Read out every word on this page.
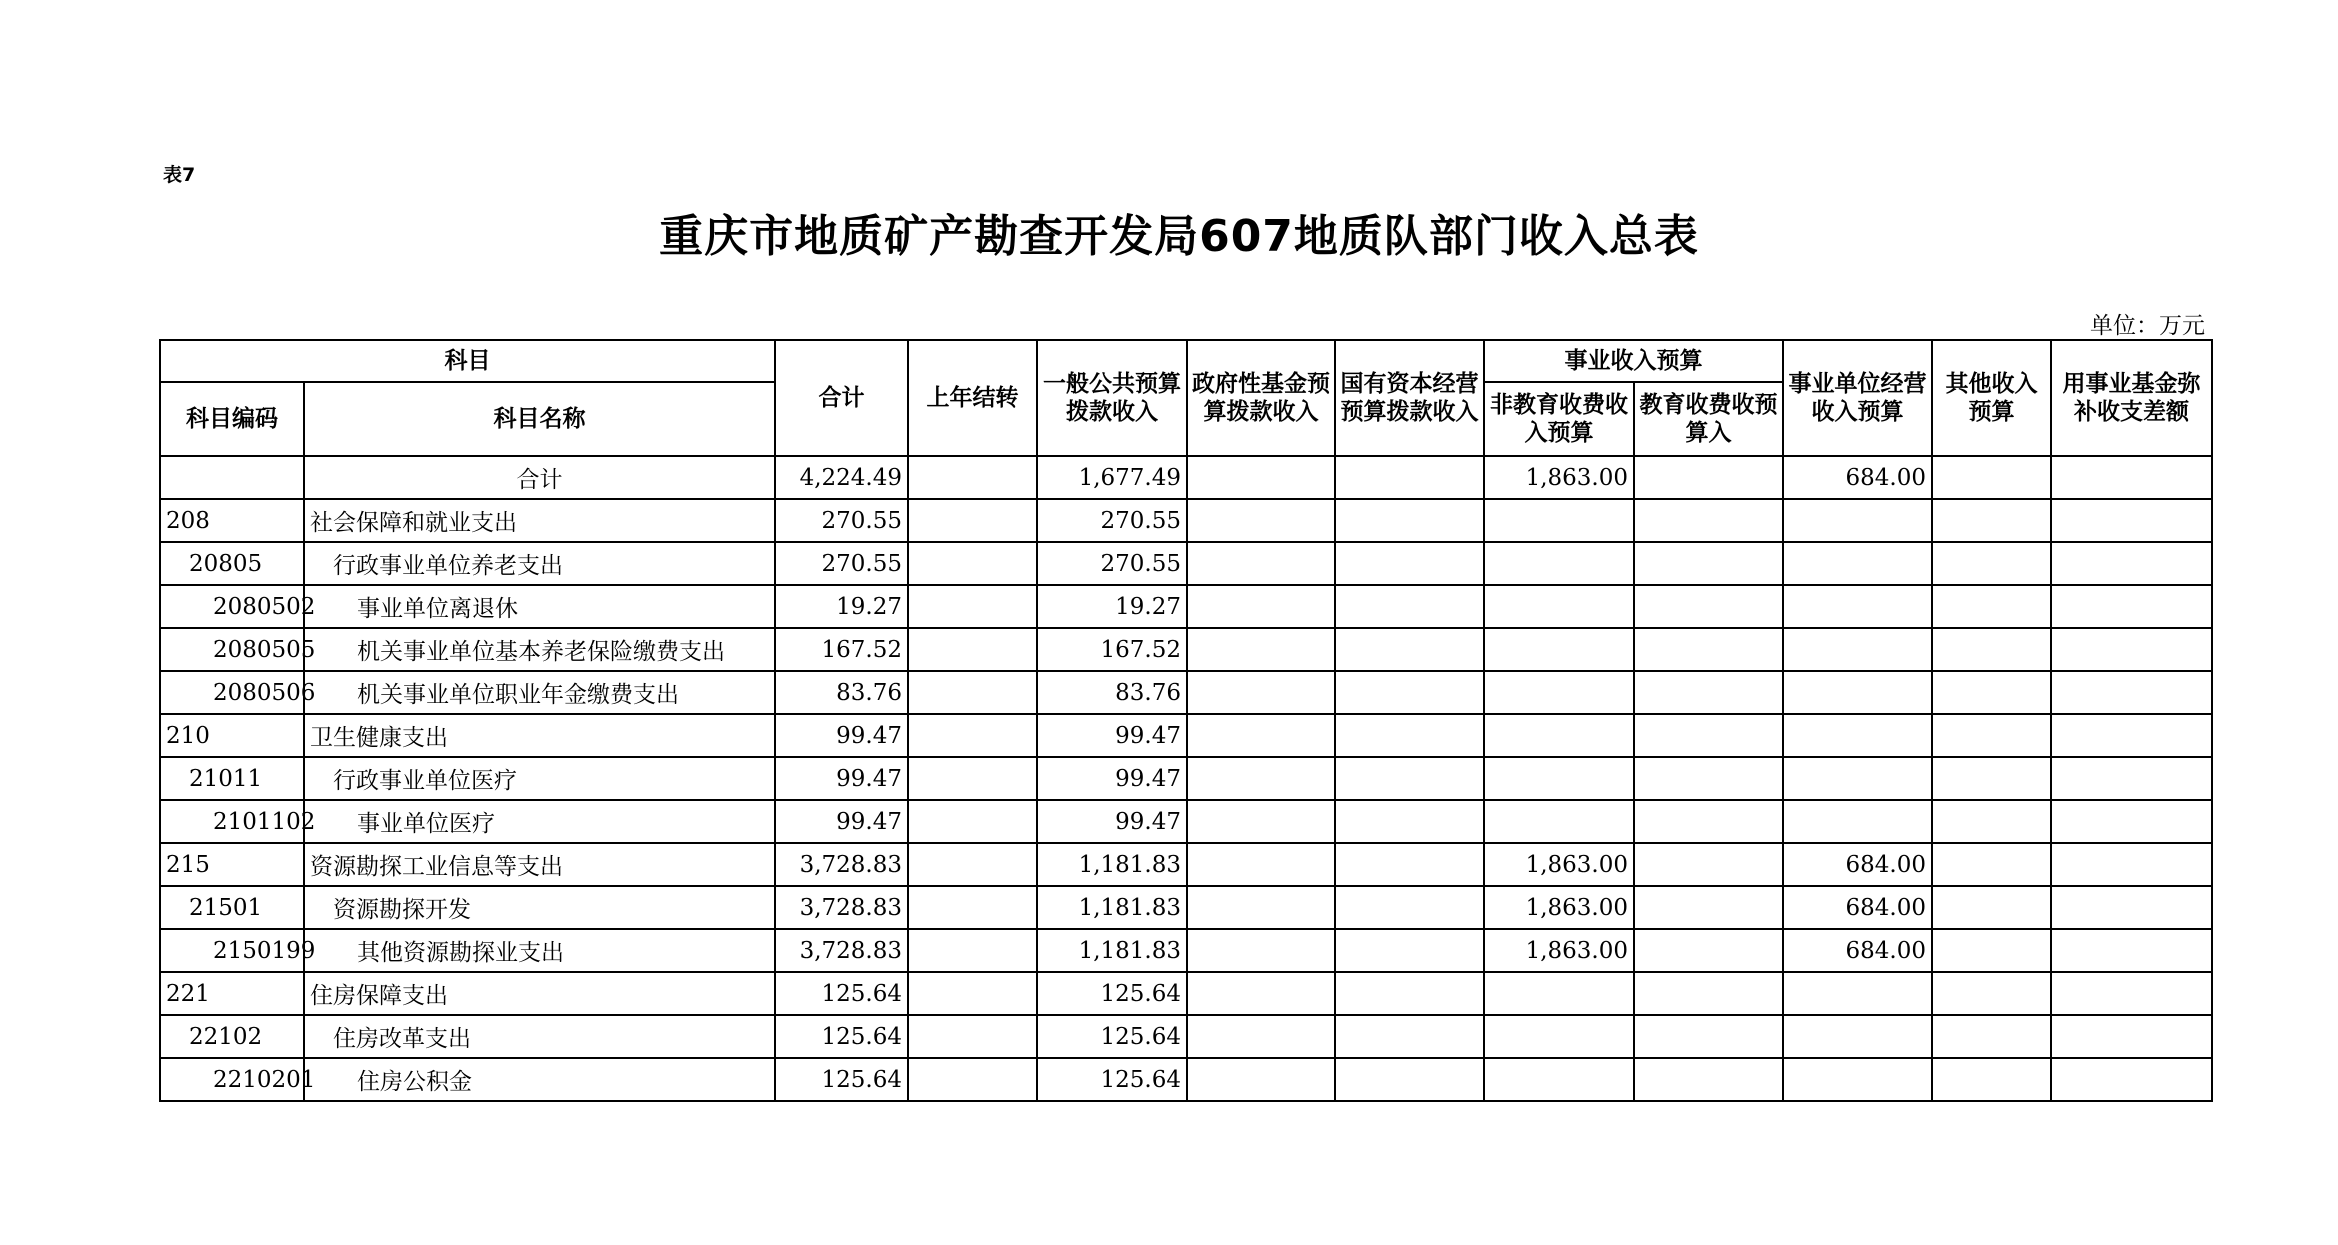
表7
重庆市地质矿产勘查开发局607地质队部门收入总表
单位：万元
科目		合计	上年结转	一般公共预算拨款收入	政府性基金预算拨款收入	国有资本经营预算拨款收入	事业收入预算		事业单位经营收入预算	其他收入预算	用事业基金弥补收支差额
科目编码	科目名称						非教育收费收入预算	教育收费收预算入			
	合计	4,224.49		1,677.49			1,863.00		684.00		
208	社会保障和就业支出	270.55		270.55							
20805	行政事业单位养老支出	270.55		270.55							
2080502	事业单位离退休	19.27		19.27							
2080505	机关事业单位基本养老保险缴费支出	167.52		167.52							
2080506	机关事业单位职业年金缴费支出	83.76		83.76							
210	卫生健康支出	99.47		99.47							
21011	行政事业单位医疗	99.47		99.47							
2101102	事业单位医疗	99.47		99.47							
215	资源勘探工业信息等支出	3,728.83		1,181.83			1,863.00		684.00		
21501	资源勘探开发	3,728.83		1,181.83			1,863.00		684.00		
2150199	其他资源勘探业支出	3,728.83		1,181.83			1,863.00		684.00		
221	住房保障支出	125.64		125.64							
22102	住房改革支出	125.64		125.64							
2210201	住房公积金	125.64		125.64							
